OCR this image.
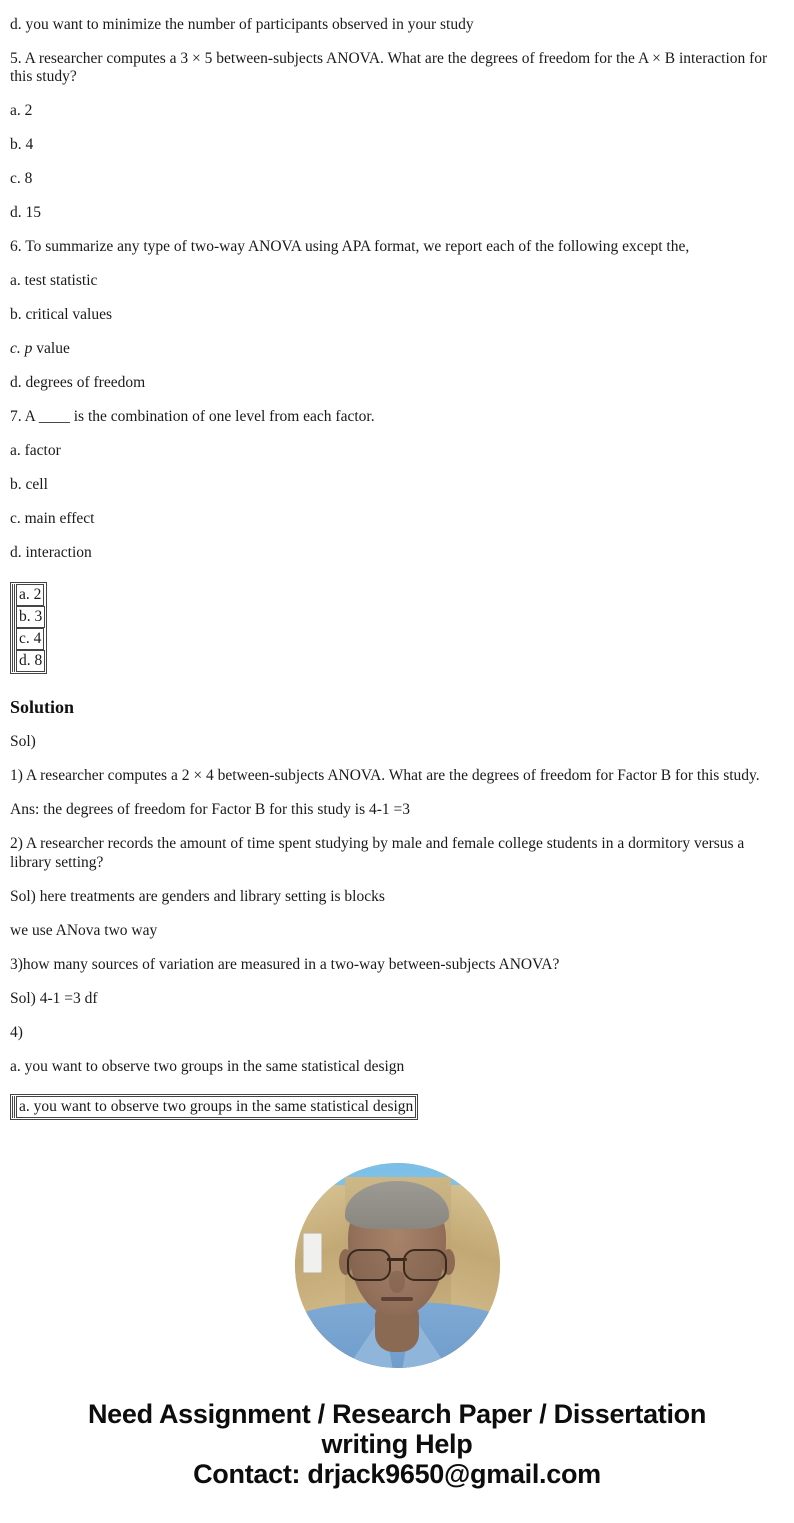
d. you want to minimize the number of participants observed in your study

5. A researcher computes a 3 × 5 between-subjects ANOVA. What are the degrees of freedom for the A × B interaction for this study?

a. 2

b. 4

c. 8

d. 15

6. To summarize any type of two-way ANOVA using APA format, we report each of the following except the,

a. test statistic

b. critical values

c. p value

d. degrees of freedom

7. A ____ is the combination of one level from each factor.

a. factor

b. cell

c. main effect

d. interaction

a. 2
b. 3
c. 4
d. 8
Solution

Sol)

1) A researcher computes a 2 × 4 between-subjects ANOVA. What are the degrees of freedom for Factor B for this study.

Ans: the degrees of freedom for Factor B for this study is 4-1 =3

2) A researcher records the amount of time spent studying by male and female college students in a dormitory versus a library setting?

Sol) here treatments are genders and library setting is blocks

we use ANova two way

3)how many sources of variation are measured in a two-way between-subjects ANOVA?

Sol) 4-1 =3 df

4)

a. you want to observe two groups in the same statistical design

a. you want to observe two groups in the same statistical design
Need Assignment / Research Paper / Dissertation
writing Help
Contact: drjack9650@gmail.com
